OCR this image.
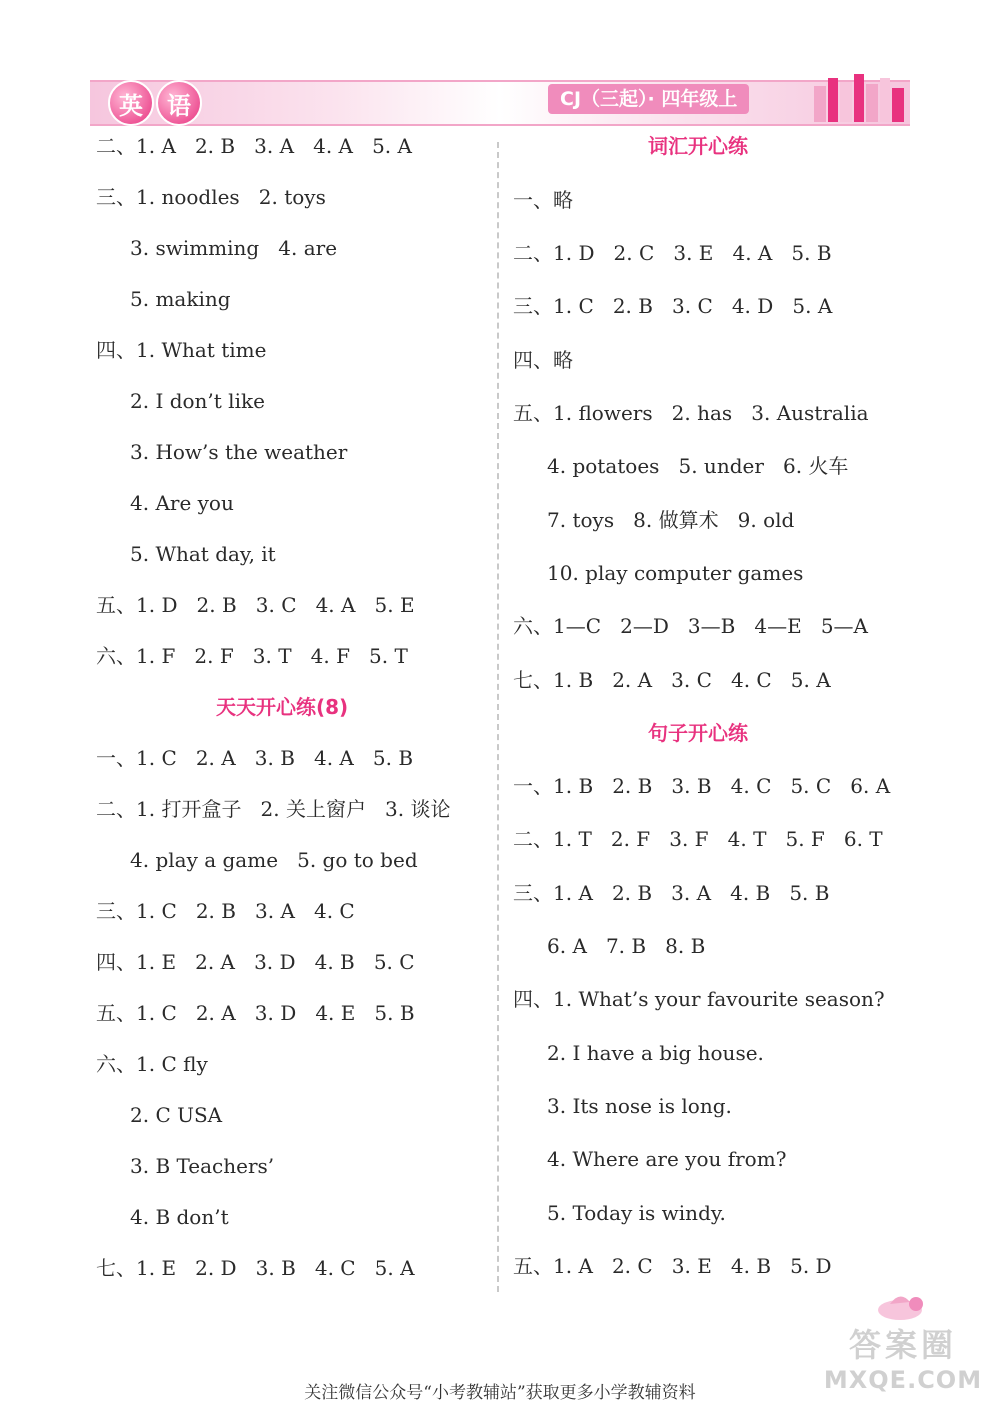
英	语	CJ（三起）· 四年级上
二、1. A   2. B   3. A   4. A   5. A
三、1. noodles   2. toys
3. swimming   4. are
5. making
四、1. What time
2. I don’t like
3. How’s the weather
4. Are you
5. What day, it
五、1. D   2. B   3. C   4. A   5. E
六、1. F   2. F   3. T   4. F   5. T
天天开心练(8)
一、1. C   2. A   3. B   4. A   5. B
二、1. 打开盒子   2. 关上窗户   3. 谈论
4. play a game   5. go to bed
三、1. C   2. B   3. A   4. C
四、1. E   2. A   3. D   4. B   5. C
五、1. C   2. A   3. D   4. E   5. B
六、1. C fly
2. C USA
3. B Teachers’
4. B don’t
七、1. E   2. D   3. B   4. C   5. A
词汇开心练
一、略
二、1. D   2. C   3. E   4. A   5. B
三、1. C   2. B   3. C   4. D   5. A
四、略
五、1. flowers   2. has   3. Australia
4. potatoes   5. under   6. 火车
7. toys   8. 做算术   9. old
10. play computer games
六、1—C   2—D   3—B   4—E   5—A
七、1. B   2. A   3. C   4. C   5. A
句子开心练
一、1. B   2. B   3. B   4. C   5. C   6. A
二、1. T   2. F   3. F   4. T   5. F   6. T
三、1. A   2. B   3. A   4. B   5. B
6. A   7. B   8. B
四、1. What’s your favourite season?
2. I have a big house.
3. Its nose is long.
4. Where are you from?
5. Today is windy.
五、1. A   2. C   3. E   4. B   5. D
答案圈
MXQE.COM
关注微信公众号“小考教辅站”获取更多小学教辅资料
